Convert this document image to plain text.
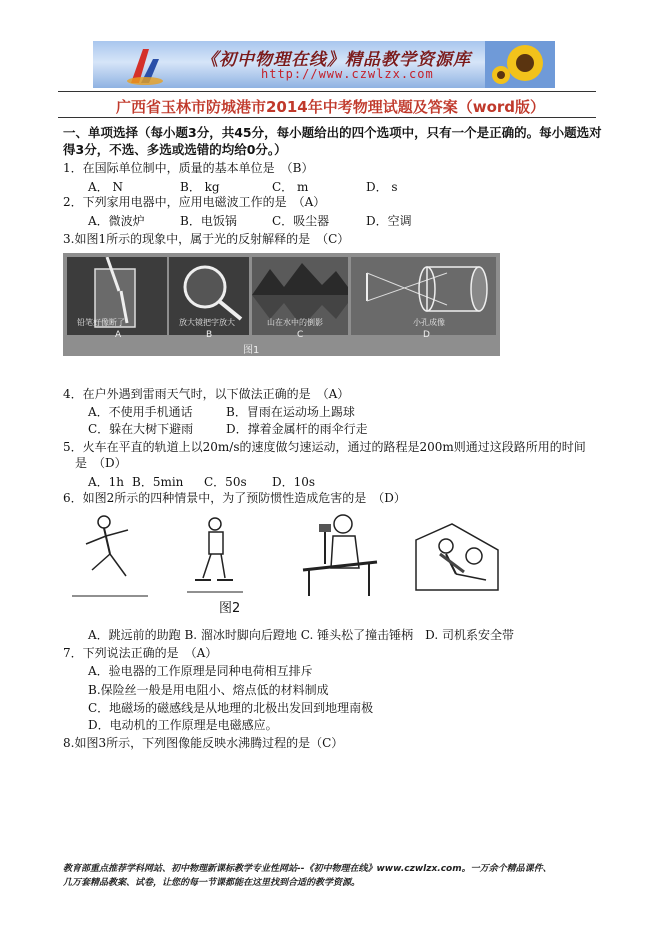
《初中物理在线》精品教学资源库
http://www.czwlzx.com
广西省玉林市防城港市2014年中考物理试题及答案（word版）
一、单项选择（每小题3分，共45分，每小题给出的四个选项中，只有一个是正确的。每小题选对
得3分，不选、多选或选错的均给0分。）
1．在国际单位制中，质量的基本单位是　（B）
A． N	B． kg	C． m	D． s
2．下列家用电器中，应用电磁波工作的是　（A）
A．微波炉	B．电饭锅	C．吸尘器	D．空调
3.如图1所示的现象中，属于光的反射解释的是　（C）
铅笔好像断了	放大镜把字放大	山在水中的倒影	小孔成像
A	B	C	D
图1
4．在户外遇到雷雨天气时，以下做法正确的是　（A）
A．不使用手机通话	B．冒雨在运动场上踢球
C．躲在大树下避雨	D．撑着金属杆的雨伞行走
5．火车在平直的轨道上以20m/s的速度做匀速运动，通过的路程是200m则通过这段路所用的时间
是　（D）
A．1h B．5min C．50s D．10s
6．如图2所示的四种情景中，为了预防惯性造成危害的是　（D）
图2
A．跳远前的助跑 B. 溜冰时脚向后蹬地 C. 锤头松了撞击锤柄　D. 司机系安全带
7．下列说法正确的是　（A）
A．验电器的工作原理是同种电荷相互排斥
B.保险丝一般是用电阻小、熔点低的材料制成
C．地磁场的磁感线是从地理的北极出发回到地理南极
D．电动机的工作原理是电磁感应。
8.如图3所示，下列图像能反映水沸腾过程的是（C）
教育部重点推荐学科网站、初中物理新课标教学专业性网站--《初中物理在线》www.czwlzx.com。一万余个精品课件、
几万套精品教案、试卷，让您的每一节课都能在这里找到合适的教学资源。
